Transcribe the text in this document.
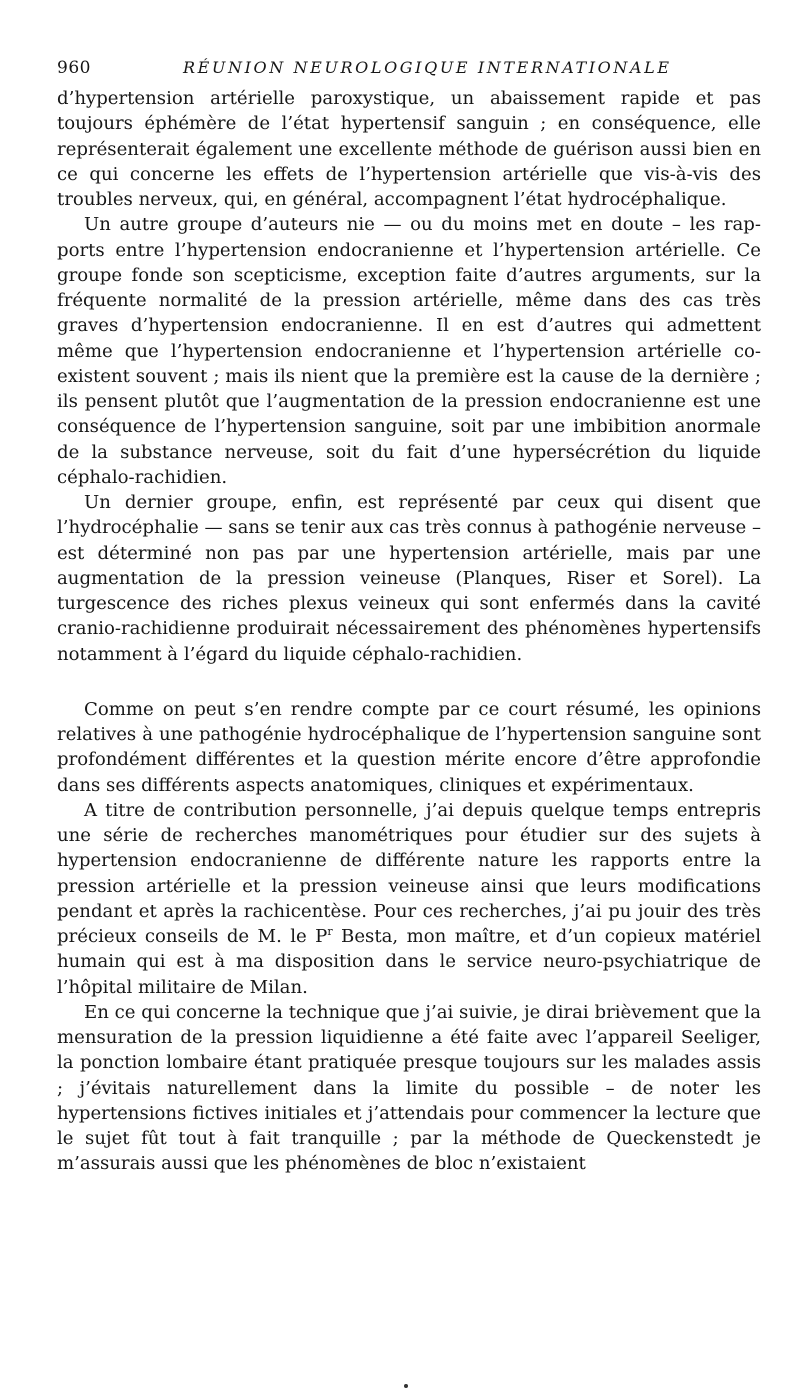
960	RÉUNION NEUROLOGIQUE INTERNATIONALE

d’hypertension artérielle paroxystique, un abaissement rapide et pas toujours éphémère de l’état hypertensif sanguin ; en conséquence, elle représenterait également une excellente méthode de guérison aussi bien en ce qui concerne les effets de l’hypertension artérielle que vis-à-vis des troubles nerveux, qui, en général, accompagnent l’état hydrocéphalique.

Un autre groupe d’auteurs nie — ou du moins met en doute – les rapports entre l’hypertension endocranienne et l’hypertension artérielle. Ce groupe fonde son scepticisme, exception faite d’autres arguments, sur la fréquente normalité de la pression artérielle, même dans des cas très graves d’hypertension endocranienne. Il en est d’autres qui admettent même que l’hypertension endocranienne et l’hypertension artérielle coexistent souvent ; mais ils nient que la première est la cause de la dernière ; ils pensent plutôt que l’augmentation de la pression endocranienne est une conséquence de l’hypertension sanguine, soit par une imbibition anormale de la substance nerveuse, soit du fait d’une hypersécrétion du liquide céphalo-rachidien.

Un dernier groupe, enfin, est représenté par ceux qui disent que l’hydrocéphalie — sans se tenir aux cas très connus à pathogénie nerveuse – est déterminé non pas par une hypertension artérielle, mais par une augmentation de la pression veineuse (Planques, Riser et Sorel). La turgescence des riches plexus veineux qui sont enfermés dans la cavité cranio-rachidienne produirait nécessairement des phénomènes hypertensifs notamment à l’égard du liquide céphalo-rachidien.

Comme on peut s’en rendre compte par ce court résumé, les opinions relatives à une pathogénie hydrocéphalique de l’hypertension sanguine sont profondément différentes et la question mérite encore d’être approfondie dans ses différents aspects anatomiques, cliniques et expérimentaux.

A titre de contribution personnelle, j’ai depuis quelque temps entrepris une série de recherches manométriques pour étudier sur des sujets à hypertension endocranienne de différente nature les rapports entre la pression artérielle et la pression veineuse ainsi que leurs modifications pendant et après la rachicentèse. Pour ces recherches, j’ai pu jouir des très précieux conseils de M. le $P^r$ Besta, mon maître, et d’un copieux matériel humain qui est à ma disposition dans le service neuro-psychiatrique de l’hôpital militaire de Milan.

En ce qui concerne la technique que j’ai suivie, je dirai brièvement que la mensuration de la pression liquidienne a été faite avec l’appareil Seeliger, la ponction lombaire étant pratiquée presque toujours sur les malades assis ; j’évitais naturellement dans la limite du possible – de noter les hypertensions fictives initiales et j’attendais pour commencer la lecture que le sujet fût tout à fait tranquille ; par la méthode de Queckenstedt je m’assurais aussi que les phénomènes de bloc n’existaient
